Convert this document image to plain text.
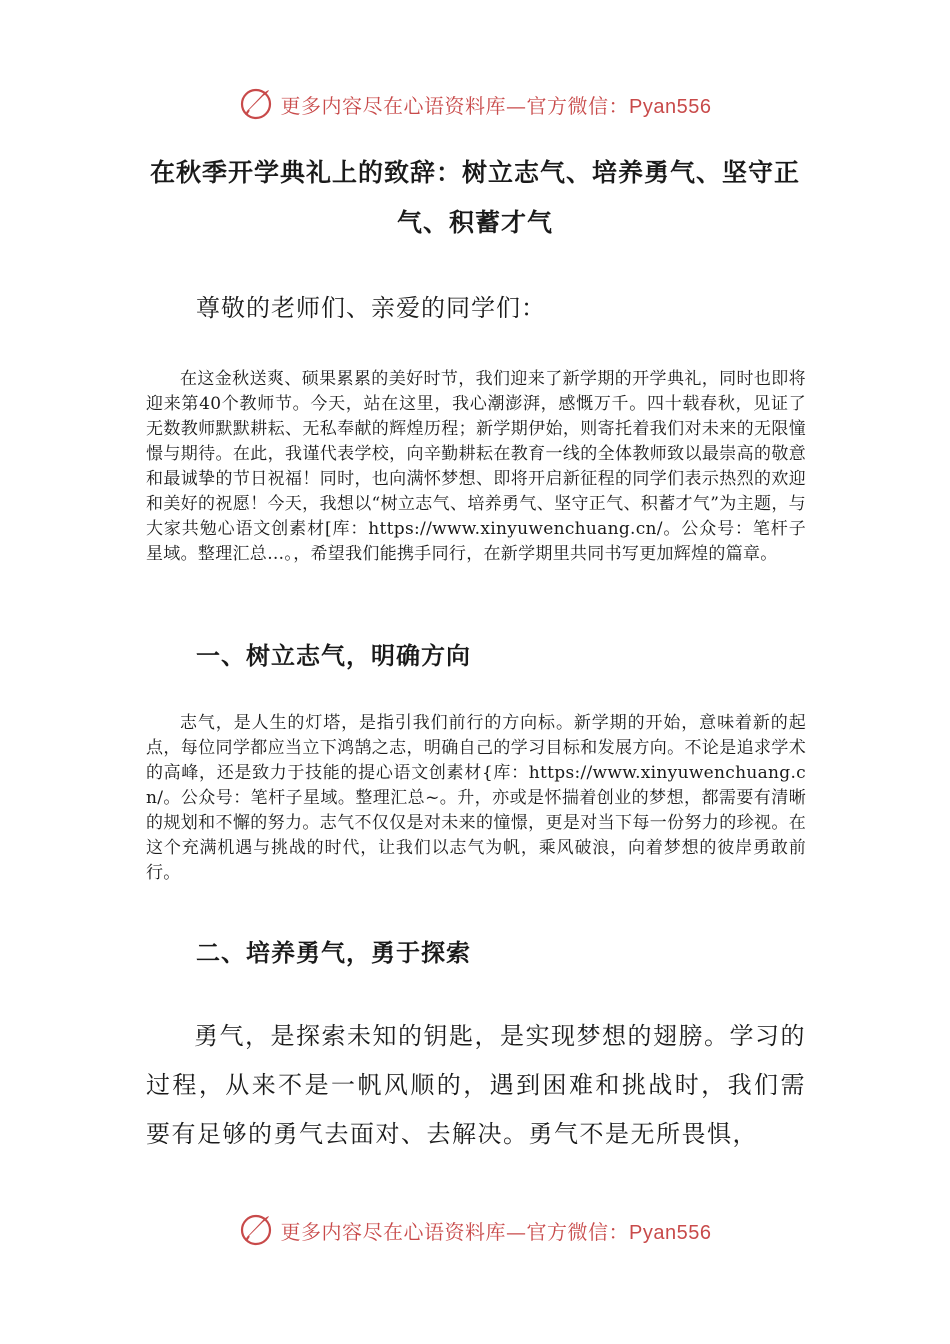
更多内容尽在心语资料库—官方微信：Pyan556
在秋季开学典礼上的致辞：树立志气、培养勇气、坚守正气、积蓄才气
尊敬的老师们、亲爱的同学们：
在这金秋送爽、硕果累累的美好时节，我们迎来了新学期的开学典礼，同时也即将迎来第40个教师节。今天，站在这里，我心潮澎湃，感慨万千。四十载春秋，见证了无数教师默默耕耘、无私奉献的辉煌历程；新学期伊始，则寄托着我们对未来的无限憧憬与期待。在此，我谨代表学校，向辛勤耕耘在教育一线的全体教师致以最崇高的敬意和最诚挚的节日祝福！同时，也向满怀梦想、即将开启新征程的同学们表示热烈的欢迎和美好的祝愿！今天，我想以“树立志气、培养勇气、坚守正气、积蓄才气”为主题，与大家共勉心语文创素材[库：https://www.xinyuwenchuang.cn/。公众号：笔杆子星域。整理汇总…。，希望我们能携手同行，在新学期里共同书写更加辉煌的篇章。
一、树立志气，明确方向
志气，是人生的灯塔，是指引我们前行的方向标。新学期的开始，意味着新的起点，每位同学都应当立下鸿鹄之志，明确自己的学习目标和发展方向。不论是追求学术的高峰，还是致力于技能的提心语文创素材{库：https://www.xinyuwenchuang.cn/。公众号：笔杆子星域。整理汇总~。升，亦或是怀揣着创业的梦想，都需要有清晰的规划和不懈的努力。志气不仅仅是对未来的憧憬，更是对当下每一份努力的珍视。在这个充满机遇与挑战的时代，让我们以志气为帆，乘风破浪，向着梦想的彼岸勇敢前行。
二、培养勇气，勇于探索
勇气，是探索未知的钥匙，是实现梦想的翅膀。学习的过程，从来不是一帆风顺的，遇到困难和挑战时，我们需要有足够的勇气去面对、去解决。勇气不是无所畏惧，
更多内容尽在心语资料库—官方微信：Pyan556
